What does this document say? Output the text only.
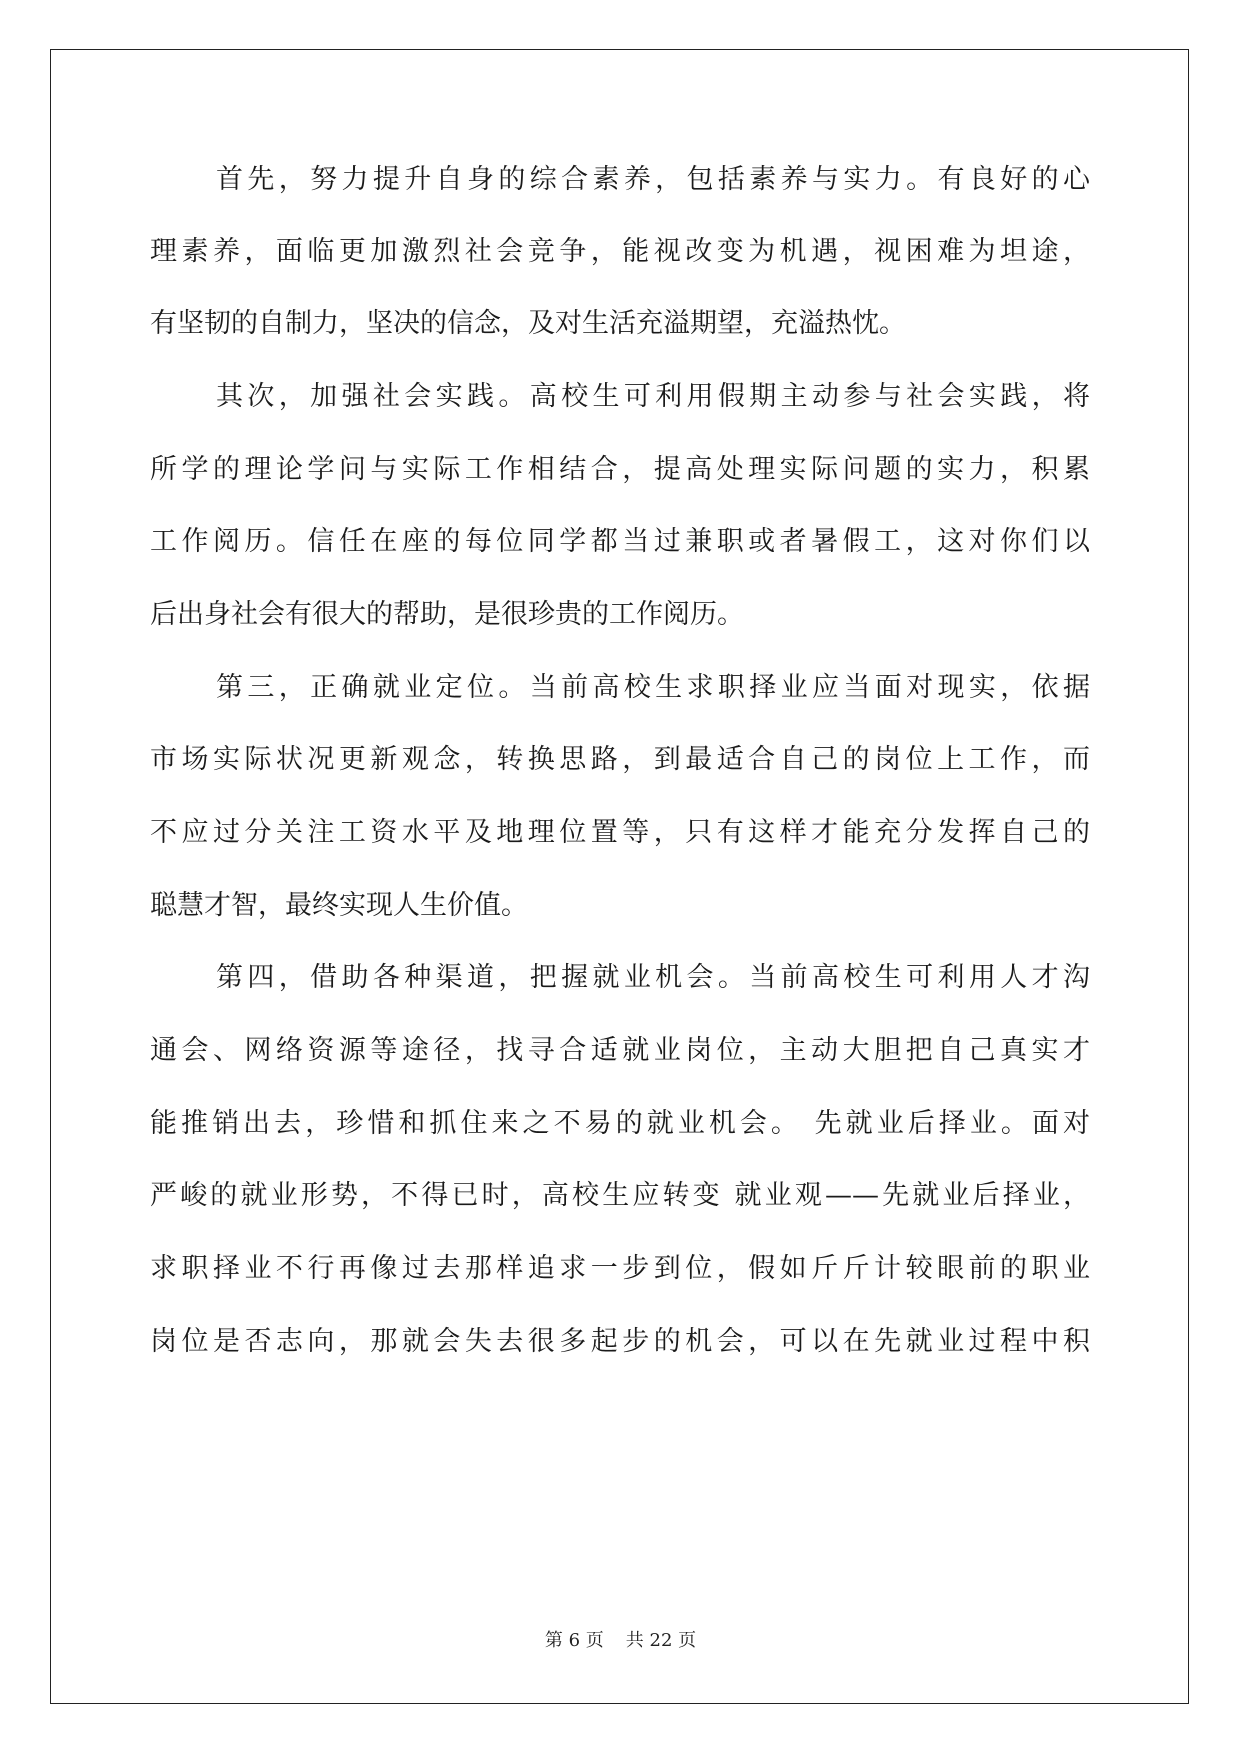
首先，努力提升自身的综合素养，包括素养与实力。有良好的心
理素养，面临更加激烈社会竞争，能视改变为机遇，视困难为坦途，
有坚韧的自制力，坚决的信念，及对生活充溢期望，充溢热忱。
其次，加强社会实践。高校生可利用假期主动参与社会实践，将
所学的理论学问与实际工作相结合，提高处理实际问题的实力，积累
工作阅历。信任在座的每位同学都当过兼职或者暑假工，这对你们以
后出身社会有很大的帮助，是很珍贵的工作阅历。
第三，正确就业定位。当前高校生求职择业应当面对现实，依据
市场实际状况更新观念，转换思路，到最适合自己的岗位上工作，而
不应过分关注工资水平及地理位置等，只有这样才能充分发挥自己的
聪慧才智，最终实现人生价值。
第四，借助各种渠道，把握就业机会。当前高校生可利用人才沟
通会、网络资源等途径，找寻合适就业岗位，主动大胆把自己真实才
能推销出去，珍惜和抓住来之不易的就业机会。 先就业后择业。面对
严峻的就业形势，不得已时，高校生应转变 就业观——先就业后择业，
求职择业不行再像过去那样追求一步到位，假如斤斤计较眼前的职业
岗位是否志向，那就会失去很多起步的机会，可以在先就业过程中积
第 6 页 共 22 页
